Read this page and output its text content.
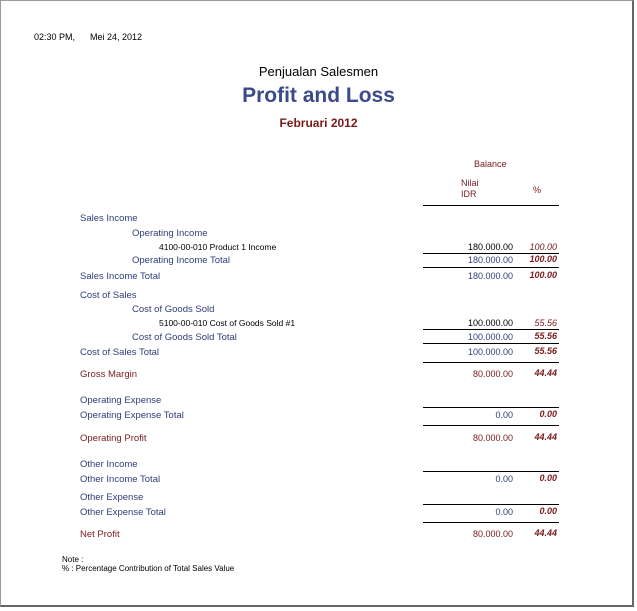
02:30 PM, Mei 24, 2012
Penjualan Salesmen
Profit and Loss
Februari 2012
Balance
Nilai
IDR	%
Sales Income
Operating Income
4100-00-010 Product 1 Income	180.000.00	100.00
Operating Income Total	180.000.00	100.00
Sales Income Total	180.000.00	100.00
Cost of Sales
Cost of Goods Sold
5100-00-010 Cost of Goods Sold #1	100.000.00	55.56
Cost of Goods Sold Total	100.000.00	55.56
Cost of Sales Total	100.000.00	55.56
Gross Margin	80.000.00	44.44
Operating Expense
Operating Expense Total	0.00	0.00
Operating Profit	80.000.00	44.44
Other Income
Other Income Total	0.00	0.00
Other Expense
Other Expense Total	0.00	0.00
Net Profit	80.000.00	44.44
Note :
% : Percentage Contribution of Total Sales Value
